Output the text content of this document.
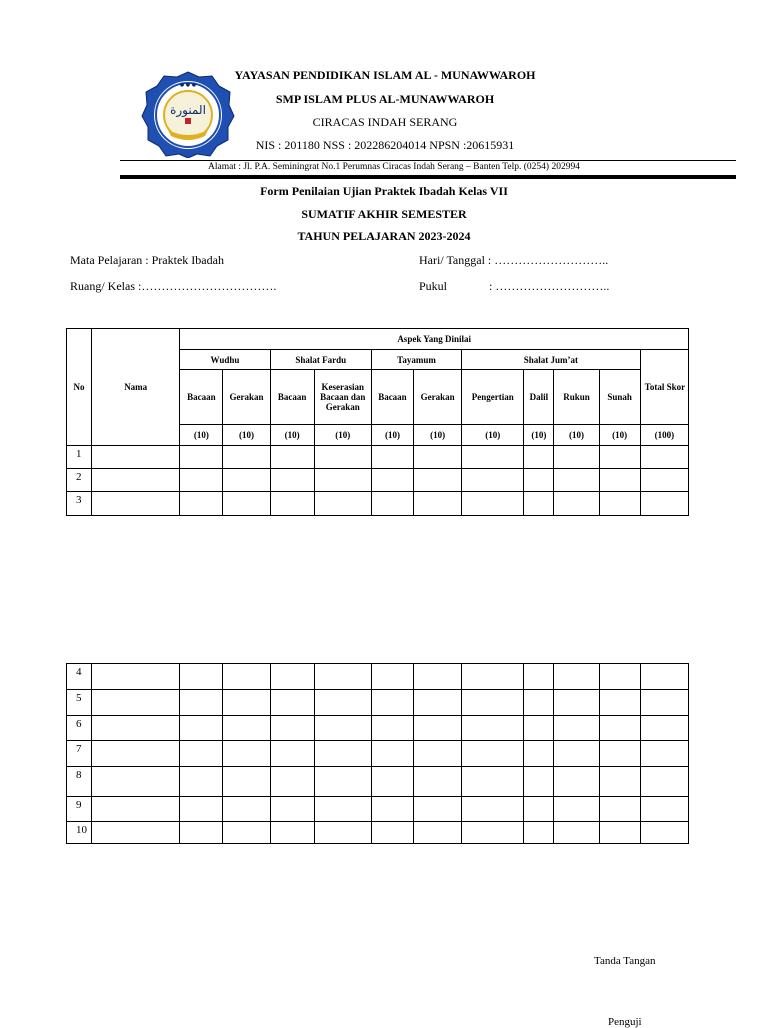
المنورة
● ● ●
YAYASAN PENDIDIKAN ISLAM AL - MUNAWWAROH
SMP ISLAM PLUS AL-MUNAWWAROH
CIRACAS INDAH SERANG
NIS : 201180 NSS : 202286204014 NPSN :20615931
Alamat : Jl. P.A. Seminingrat No.1 Perumnas Ciracas Indah Serang – Banten Telp. (0254) 202994
Form Penilaian Ujian Praktek Ibadah Kelas VII
SUMATIF AKHIR SEMESTER
TAHUN PELAJARAN 2023-2024
Mata Pelajaran : Praktek Ibadah
Ruang/ Kelas :…………………………….
Hari/ Tanggal : ………………………..
Pukul	: ………………………..
No	Nama	Aspek Yang Dinilai										
		Wudhu		Shalat Fardu		Tayamum		Shalat Jum’at				Total Skor
		Bacaan	Gerakan	Bacaan	Keserasian Bacaan dan Gerakan	Bacaan	Gerakan	Pengertian	Dalil	Rukun	Sunah	
		(10)	(10)	(10)	(10)	(10)	(10)	(10)	(10)	(10)	(10)	(100)
1												
2												
3												
4												
5												
6												
7												
8												
9												
10												
Tanda Tangan
Penguji
